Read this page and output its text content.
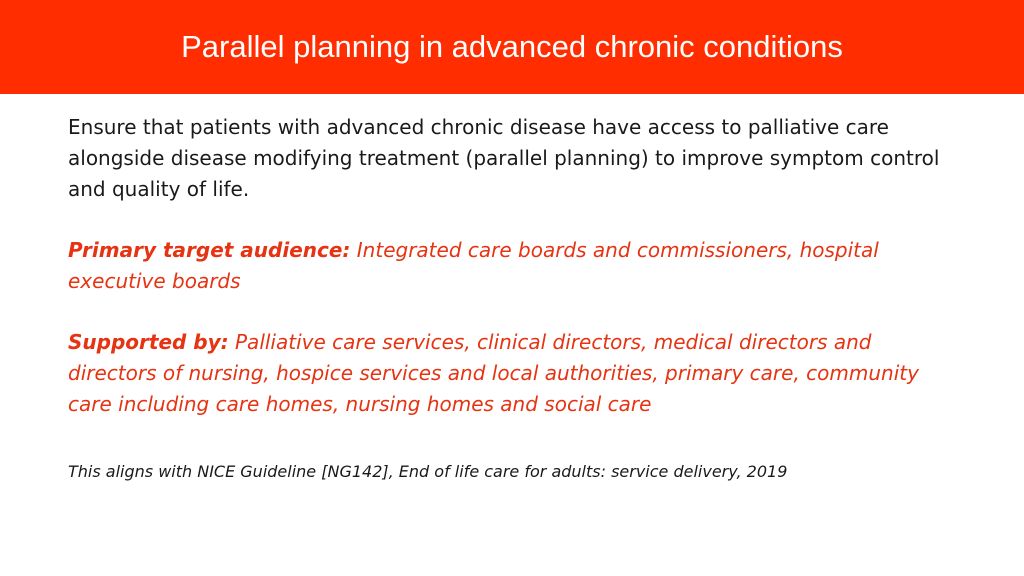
Parallel planning in advanced chronic conditions

Ensure that patients with advanced chronic disease have access to palliative care alongside disease modifying treatment (parallel planning) to improve symptom control and quality of life.

Primary target audience: Integrated care boards and commissioners, hospital executive boards

Supported by: Palliative care services, clinical directors, medical directors and directors of nursing, hospice services and local authorities, primary care, community care including care homes, nursing homes and social care

This aligns with NICE Guideline [NG142], End of life care for adults: service delivery, 2019
